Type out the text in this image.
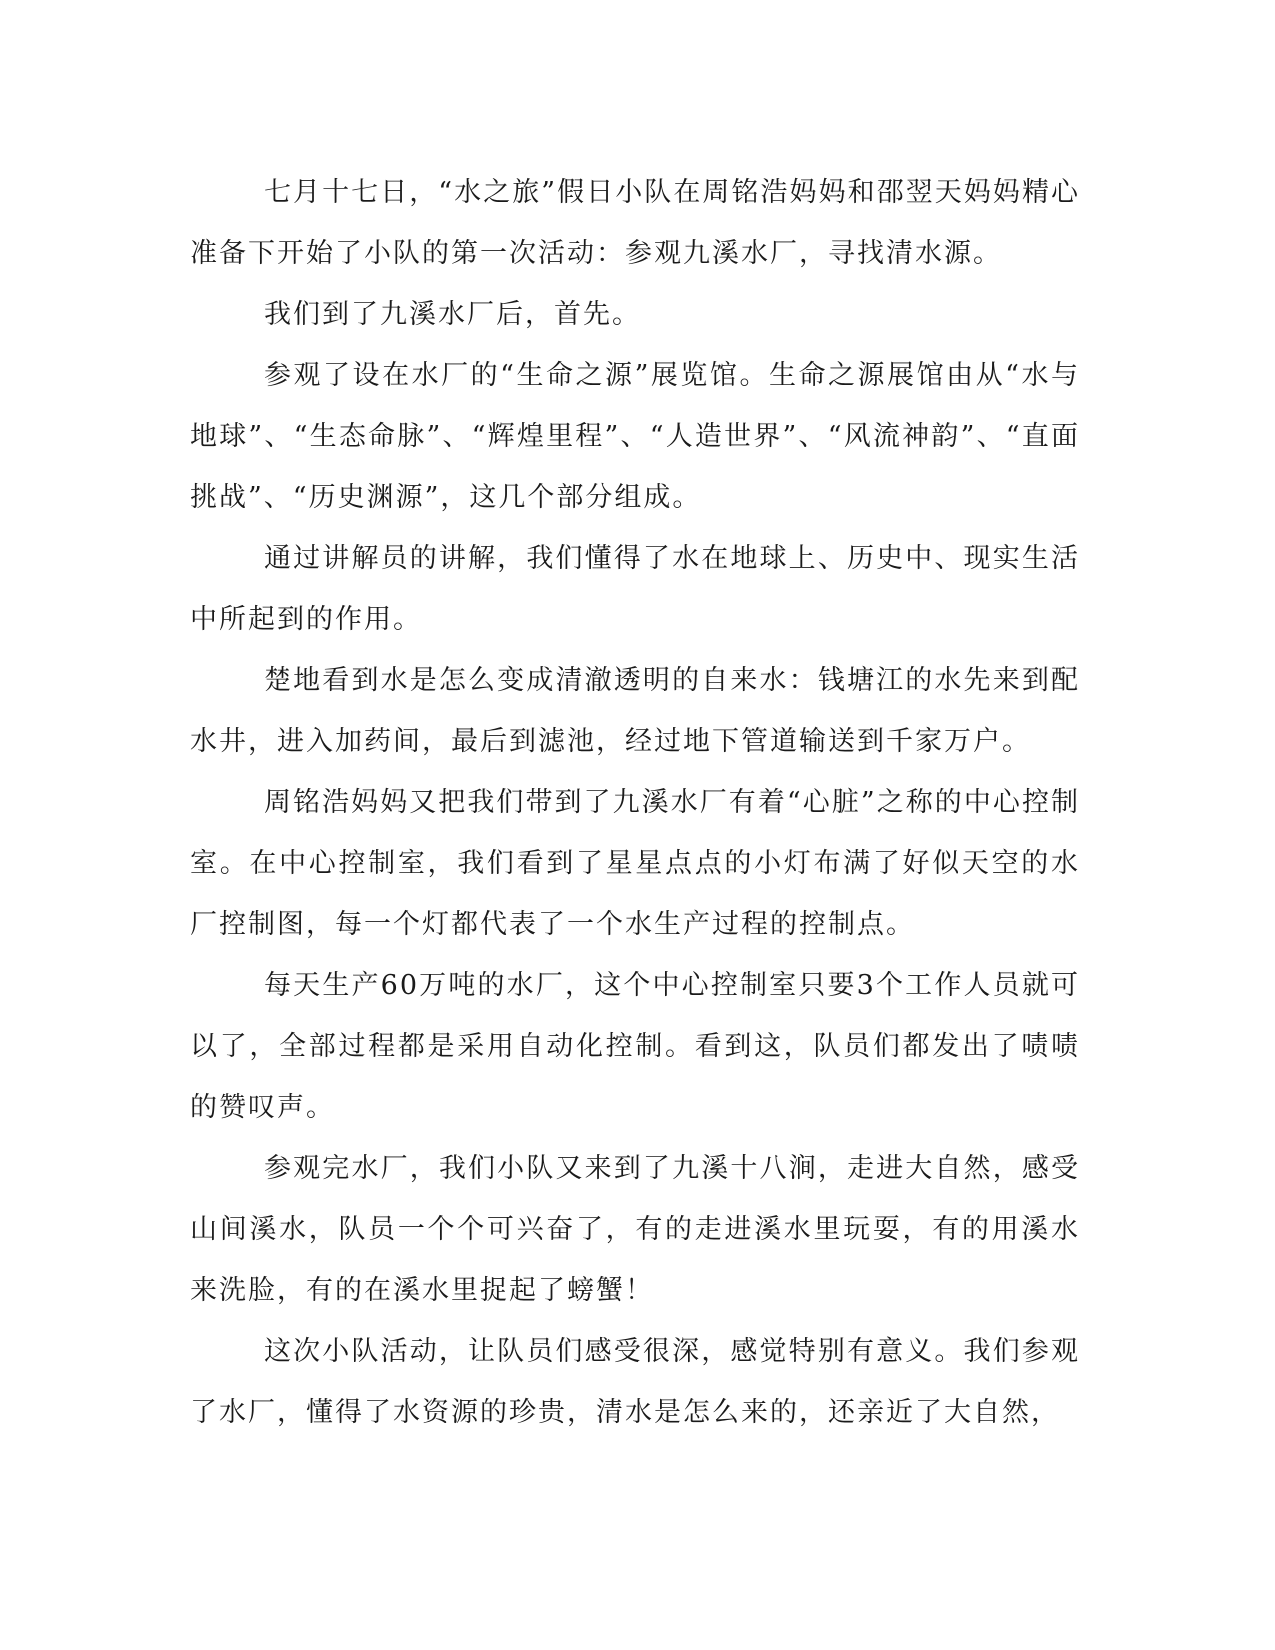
七月十七日，“水之旅”假日小队在周铭浩妈妈和邵翌天妈妈精心准备下开始了小队的第一次活动：参观九溪水厂，寻找清水源。

我们到了九溪水厂后，首先。

参观了设在水厂的“生命之源”展览馆。生命之源展馆由从“水与地球”、“生态命脉”、“辉煌里程”、“人造世界”、“风流神韵”、“直面挑战”、“历史渊源”，这几个部分组成。

通过讲解员的讲解，我们懂得了水在地球上、历史中、现实生活中所起到的作用。

楚地看到水是怎么变成清澈透明的自来水：钱塘江的水先来到配水井，进入加药间，最后到滤池，经过地下管道输送到千家万户。

周铭浩妈妈又把我们带到了九溪水厂有着“心脏”之称的中心控制室。在中心控制室，我们看到了星星点点的小灯布满了好似天空的水厂控制图，每一个灯都代表了一个水生产过程的控制点。

每天生产60万吨的水厂，这个中心控制室只要3个工作人员就可以了，全部过程都是采用自动化控制。看到这，队员们都发出了啧啧的赞叹声。

参观完水厂，我们小队又来到了九溪十八涧，走进大自然，感受山间溪水，队员一个个可兴奋了，有的走进溪水里玩耍，有的用溪水来洗脸，有的在溪水里捉起了螃蟹！

这次小队活动，让队员们感受很深，感觉特别有意义。我们参观了水厂，懂得了水资源的珍贵，清水是怎么来的，还亲近了大自然，
